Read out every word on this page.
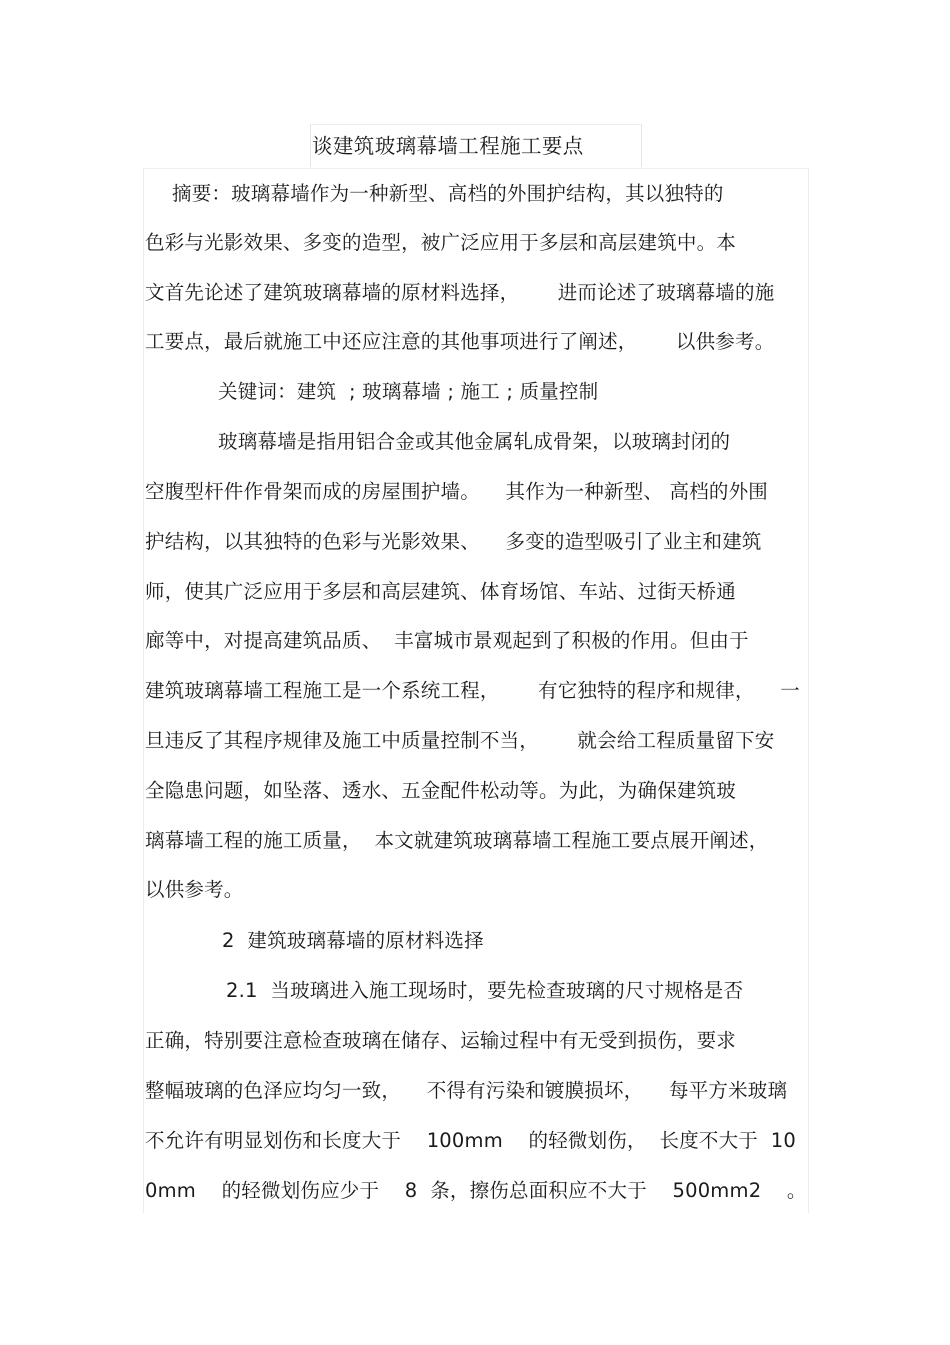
谈建筑玻璃幕墙工程施工要点
摘要：玻璃幕墙作为一种新型、高档的外围护结构，其以独特的
色彩与光影效果、多变的造型，被广泛应用于多层和高层建筑中。本
文首先论述了建筑玻璃幕墙的原材料选择，      进而论述了玻璃幕墙的施
工要点，最后就施工中还应注意的其他事项进行了阐述，      以供参考。
关键词：建筑  ; 玻璃幕墙 ; 施工 ; 质量控制
玻璃幕墙是指用铝合金或其他金属轧成骨架，以玻璃封闭的
空腹型杆件作骨架而成的房屋围护墙。    其作为一种新型、 高档的外围
护结构，以其独特的色彩与光影效果、    多变的造型吸引了业主和建筑
师，使其广泛应用于多层和高层建筑、体育场馆、车站、过街天桥通
廊等中，对提高建筑品质、  丰富城市景观起到了积极的作用。但由于
建筑玻璃幕墙工程施工是一个系统工程，      有它独特的程序和规律，    一
旦违反了其程序规律及施工中质量控制不当，      就会给工程质量留下安
全隐患问题，如坠落、透水、五金配件松动等。为此，为确保建筑玻
璃幕墙工程的施工质量，  本文就建筑玻璃幕墙工程施工要点展开阐述，
以供参考。
2  建筑玻璃幕墙的原材料选择
2.1  当玻璃进入施工现场时，要先检查玻璃的尺寸规格是否
正确，特别要注意检查玻璃在储存、运输过程中有无受到损伤，要求
整幅玻璃的色泽应均匀一致，    不得有污染和镀膜损坏，    每平方米玻璃
不允许有明显划伤和长度大于    100mm    的轻微划伤，  长度不大于  10
0mm    的轻微划伤应少于    8  条，擦伤总面积应不大于    500mm2    。
